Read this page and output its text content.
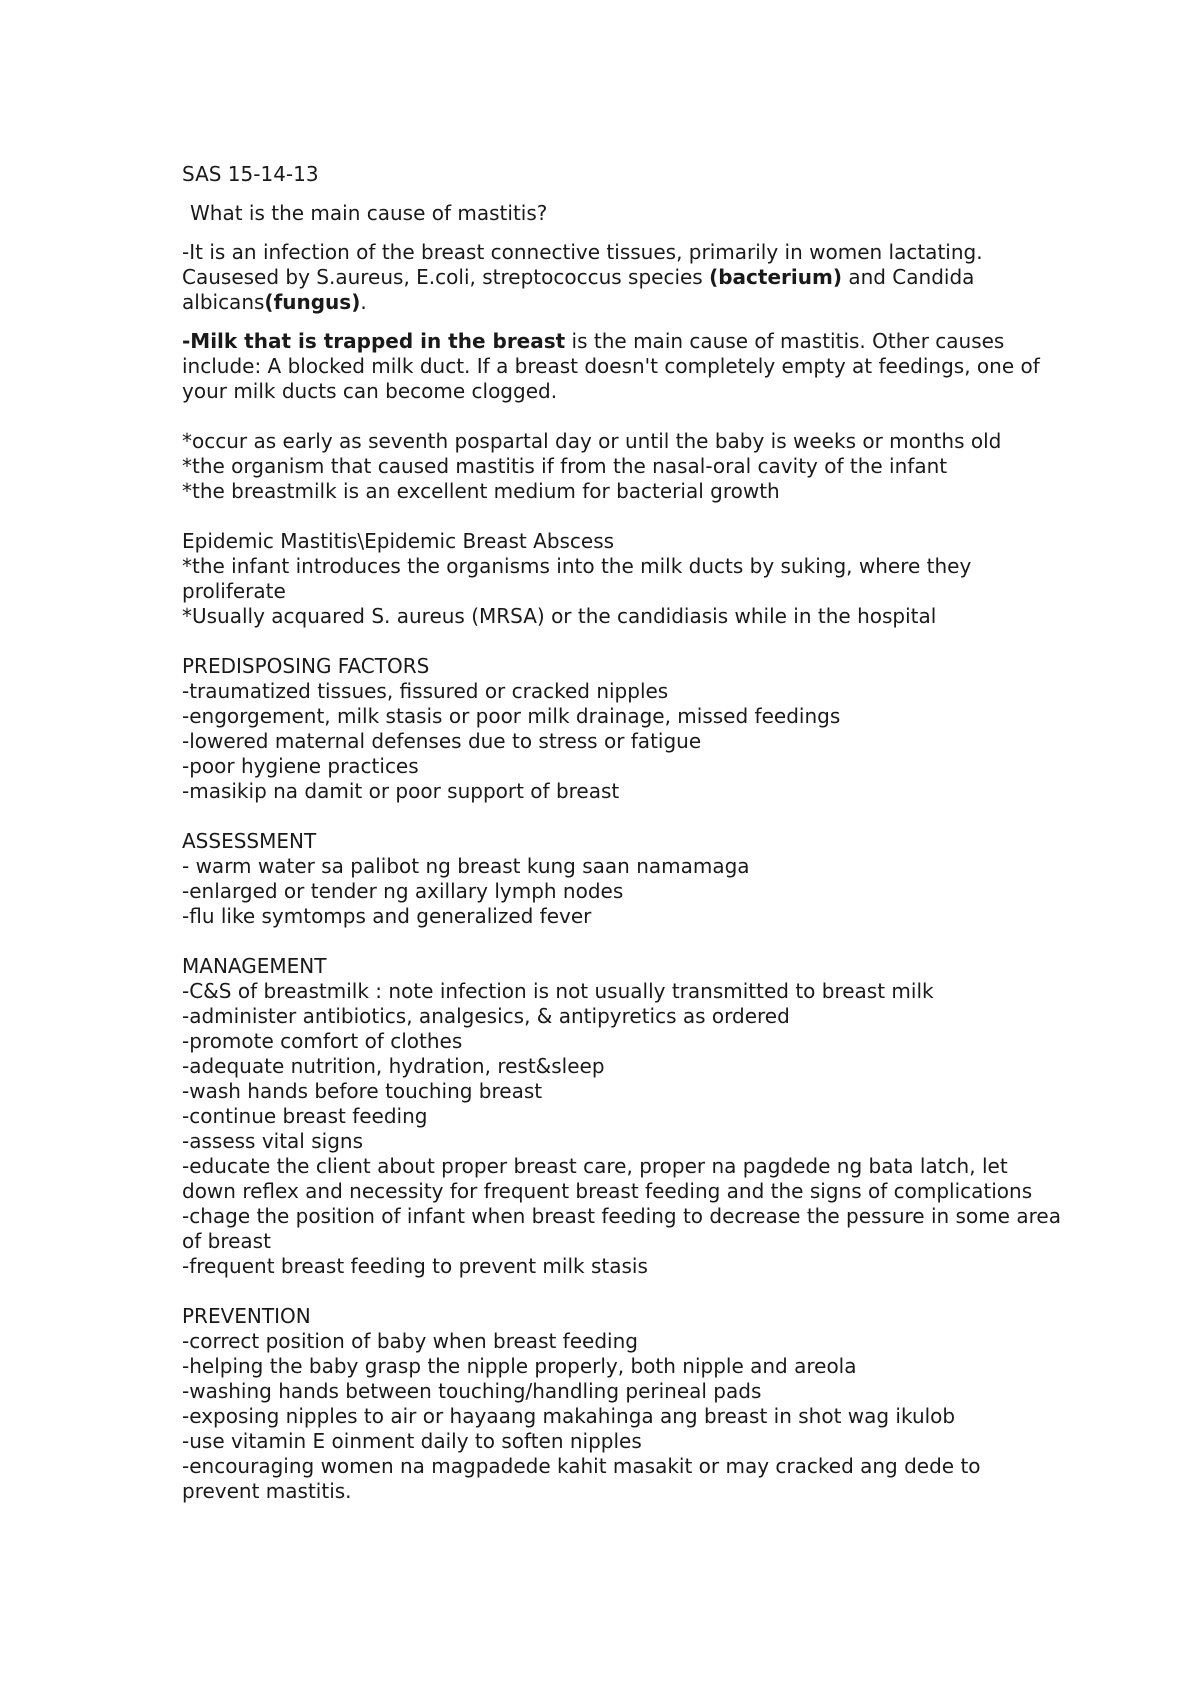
SAS 15-14-13
What is the main cause of mastitis?
-It is an infection of the breast connective tissues, primarily in women lactating. Causesed by S.aureus, E.coli, streptococcus species (bacterium) and Candida albicans(fungus).
-Milk that is trapped in the breast is the main cause of mastitis. Other causes include: A blocked milk duct. If a breast doesn't completely empty at feedings, one of your milk ducts can become clogged.
*occur as early as seventh pospartal day or until the baby is weeks or months old
*the organism that caused mastitis if from the nasal-oral cavity of the infant
*the breastmilk is an excellent medium for bacterial growth
Epidemic Mastitis\Epidemic Breast Abscess
*the infant introduces the organisms into the milk ducts by suking, where they proliferate
*Usually acquared S. aureus (MRSA) or the candidiasis while in the hospital
PREDISPOSING FACTORS
-traumatized tissues, fissured or cracked nipples
-engorgement, milk stasis or poor milk drainage, missed feedings
-lowered maternal defenses due to stress or fatigue
-poor hygiene practices
-masikip na damit or poor support of breast
ASSESSMENT
- warm water sa palibot ng breast kung saan namamaga
-enlarged or tender ng axillary lymph nodes
-flu like symtomps and generalized fever
MANAGEMENT
-C&S of breastmilk : note infection is not usually transmitted to breast milk
-administer antibiotics, analgesics, & antipyretics as ordered
-promote comfort of clothes
-adequate nutrition, hydration, rest&sleep
-wash hands before touching breast
-continue breast feeding
-assess vital signs
-educate the client about proper breast care, proper na pagdede ng bata latch, let down reflex and necessity for frequent breast feeding and the signs of complications
-chage the position of infant when breast feeding to decrease the pessure in some area of breast
-frequent breast feeding to prevent milk stasis
PREVENTION
-correct position of baby when breast feeding
-helping the baby grasp the nipple properly, both nipple and areola
-washing hands between touching/handling perineal pads
-exposing nipples to air or hayaang makahinga ang breast in shot wag ikulob
-use vitamin E oinment daily to soften nipples
-encouraging women na magpadede kahit masakit or may cracked ang dede to prevent mastitis.
